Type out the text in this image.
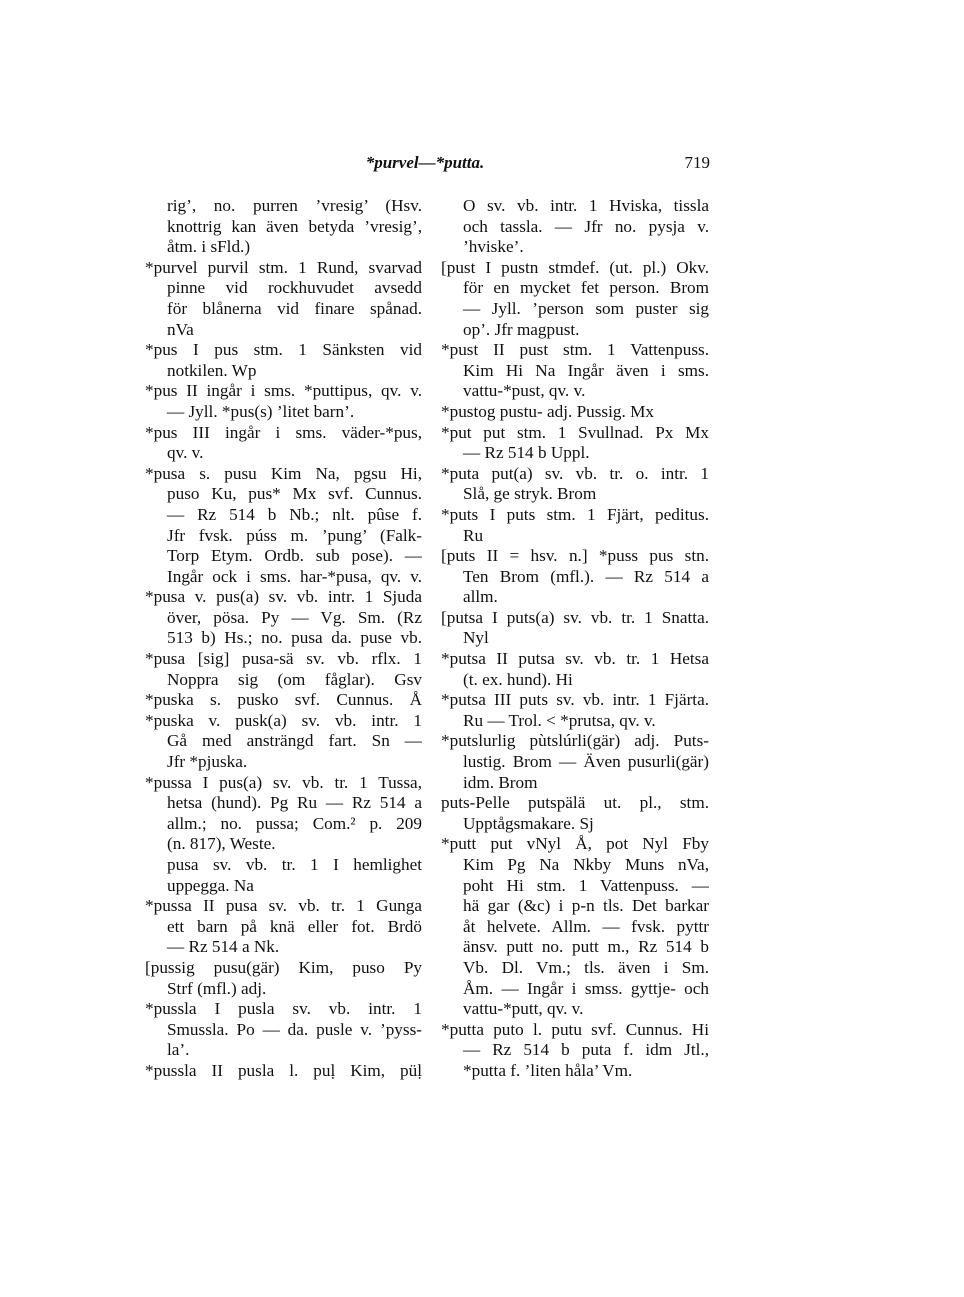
*purvel—*putta.	719
rig’, no. purren ’vresig’ (Hsv.
knottrig kan även betyda ’vresig’,
åtm. i sFld.)
*purvel purvil stm. 1 Rund, svarvad
pinne vid rockhuvudet avsedd
för blånerna vid finare spånad.
nVa
*pus I pus stm. 1 Sänksten vid
notkilen. Wp
*pus II ingår i sms. *puttipus, qv. v.
— Jyll. *pus(s) ’litet barn’.
*pus III ingår i sms. väder-*pus,
qv. v.
*pusa s. pusu Kim Na, pgsu Hi,
puso Ku, pus* Mx svf. Cunnus.
— Rz 514 b Nb.; nlt. pûse f.
Jfr fvsk. púss m. ’pung’ (Falk-
Torp Etym. Ordb. sub pose). —
Ingår ock i sms. har-*pusa, qv. v.
*pusa v. pus(a) sv. vb. intr. 1 Sjuda
över, pösa. Py — Vg. Sm. (Rz
513 b) Hs.; no. pusa da. puse vb.
*pusa [sig] pusa-sä sv. vb. rflx. 1
Noppra sig (om fåglar). Gsv
*puska s. pusko svf. Cunnus. Å
*puska v. pusk(a) sv. vb. intr. 1
Gå med ansträngd fart. Sn —
Jfr *pjuska.
*pussa I pus(a) sv. vb. tr. 1 Tussa,
hetsa (hund). Pg Ru — Rz 514 a
allm.; no. pussa; Com.² p. 209
(n. 817), Weste.
pusa sv. vb. tr. 1 I hemlighet
uppegga. Na
*pussa II pusa sv. vb. tr. 1 Gunga
ett barn på knä eller fot. Brdö
— Rz 514 a Nk.
[pussig pusu(gär) Kim, puso Py
Strf (mfl.) adj.
*pussla I pusla sv. vb. intr. 1
Smussla. Po — da. pusle v. ’pyss-
la’.
*pussla II pusla l. puḷ Kim, püḷ
O sv. vb. intr. 1 Hviska, tissla
och tassla. — Jfr no. pysja v.
’hviske’.
[pust I pustn stmdef. (ut. pl.) Okv.
för en mycket fet person. Brom
— Jyll. ’person som puster sig
op’. Jfr magpust.
*pust II pust stm. 1 Vattenpuss.
Kim Hi Na Ingår även i sms.
vattu-*pust, qv. v.
*pustog pustu- adj. Pussig. Mx
*put put stm. 1 Svullnad. Px Mx
— Rz 514 b Uppl.
*puta put(a) sv. vb. tr. o. intr. 1
Slå, ge stryk. Brom
*puts I puts stm. 1 Fjärt, peditus.
Ru
[puts II = hsv. n.] *puss pus stn.
Ten Brom (mfl.). — Rz 514 a
allm.
[putsa I puts(a) sv. vb. tr. 1 Snatta.
Nyl
*putsa II putsa sv. vb. tr. 1 Hetsa
(t. ex. hund). Hi
*putsa III puts sv. vb. intr. 1 Fjärta.
Ru — Trol. < *prutsa, qv. v.
*putslurlig pùtslúrli(gär) adj. Puts-
lustig. Brom — Även pusurli(gär)
idm. Brom
puts-Pelle putspälä ut. pl., stm.
Upptågsmakare. Sj
*putt put vNyl Å, pot Nyl Fby
Kim Pg Na Nkby Muns nVa,
poht Hi stm. 1 Vattenpuss. —
hä gar (&c) i p-n tls. Det barkar
åt helvete. Allm. — fvsk. pyttr
änsv. putt no. putt m., Rz 514 b
Vb. Dl. Vm.; tls. även i Sm.
Åm. — Ingår i smss. gyttje- och
vattu-*putt, qv. v.
*putta puto l. putu svf. Cunnus. Hi
— Rz 514 b puta f. idm Jtl.,
*putta f. ’liten håla’ Vm.
